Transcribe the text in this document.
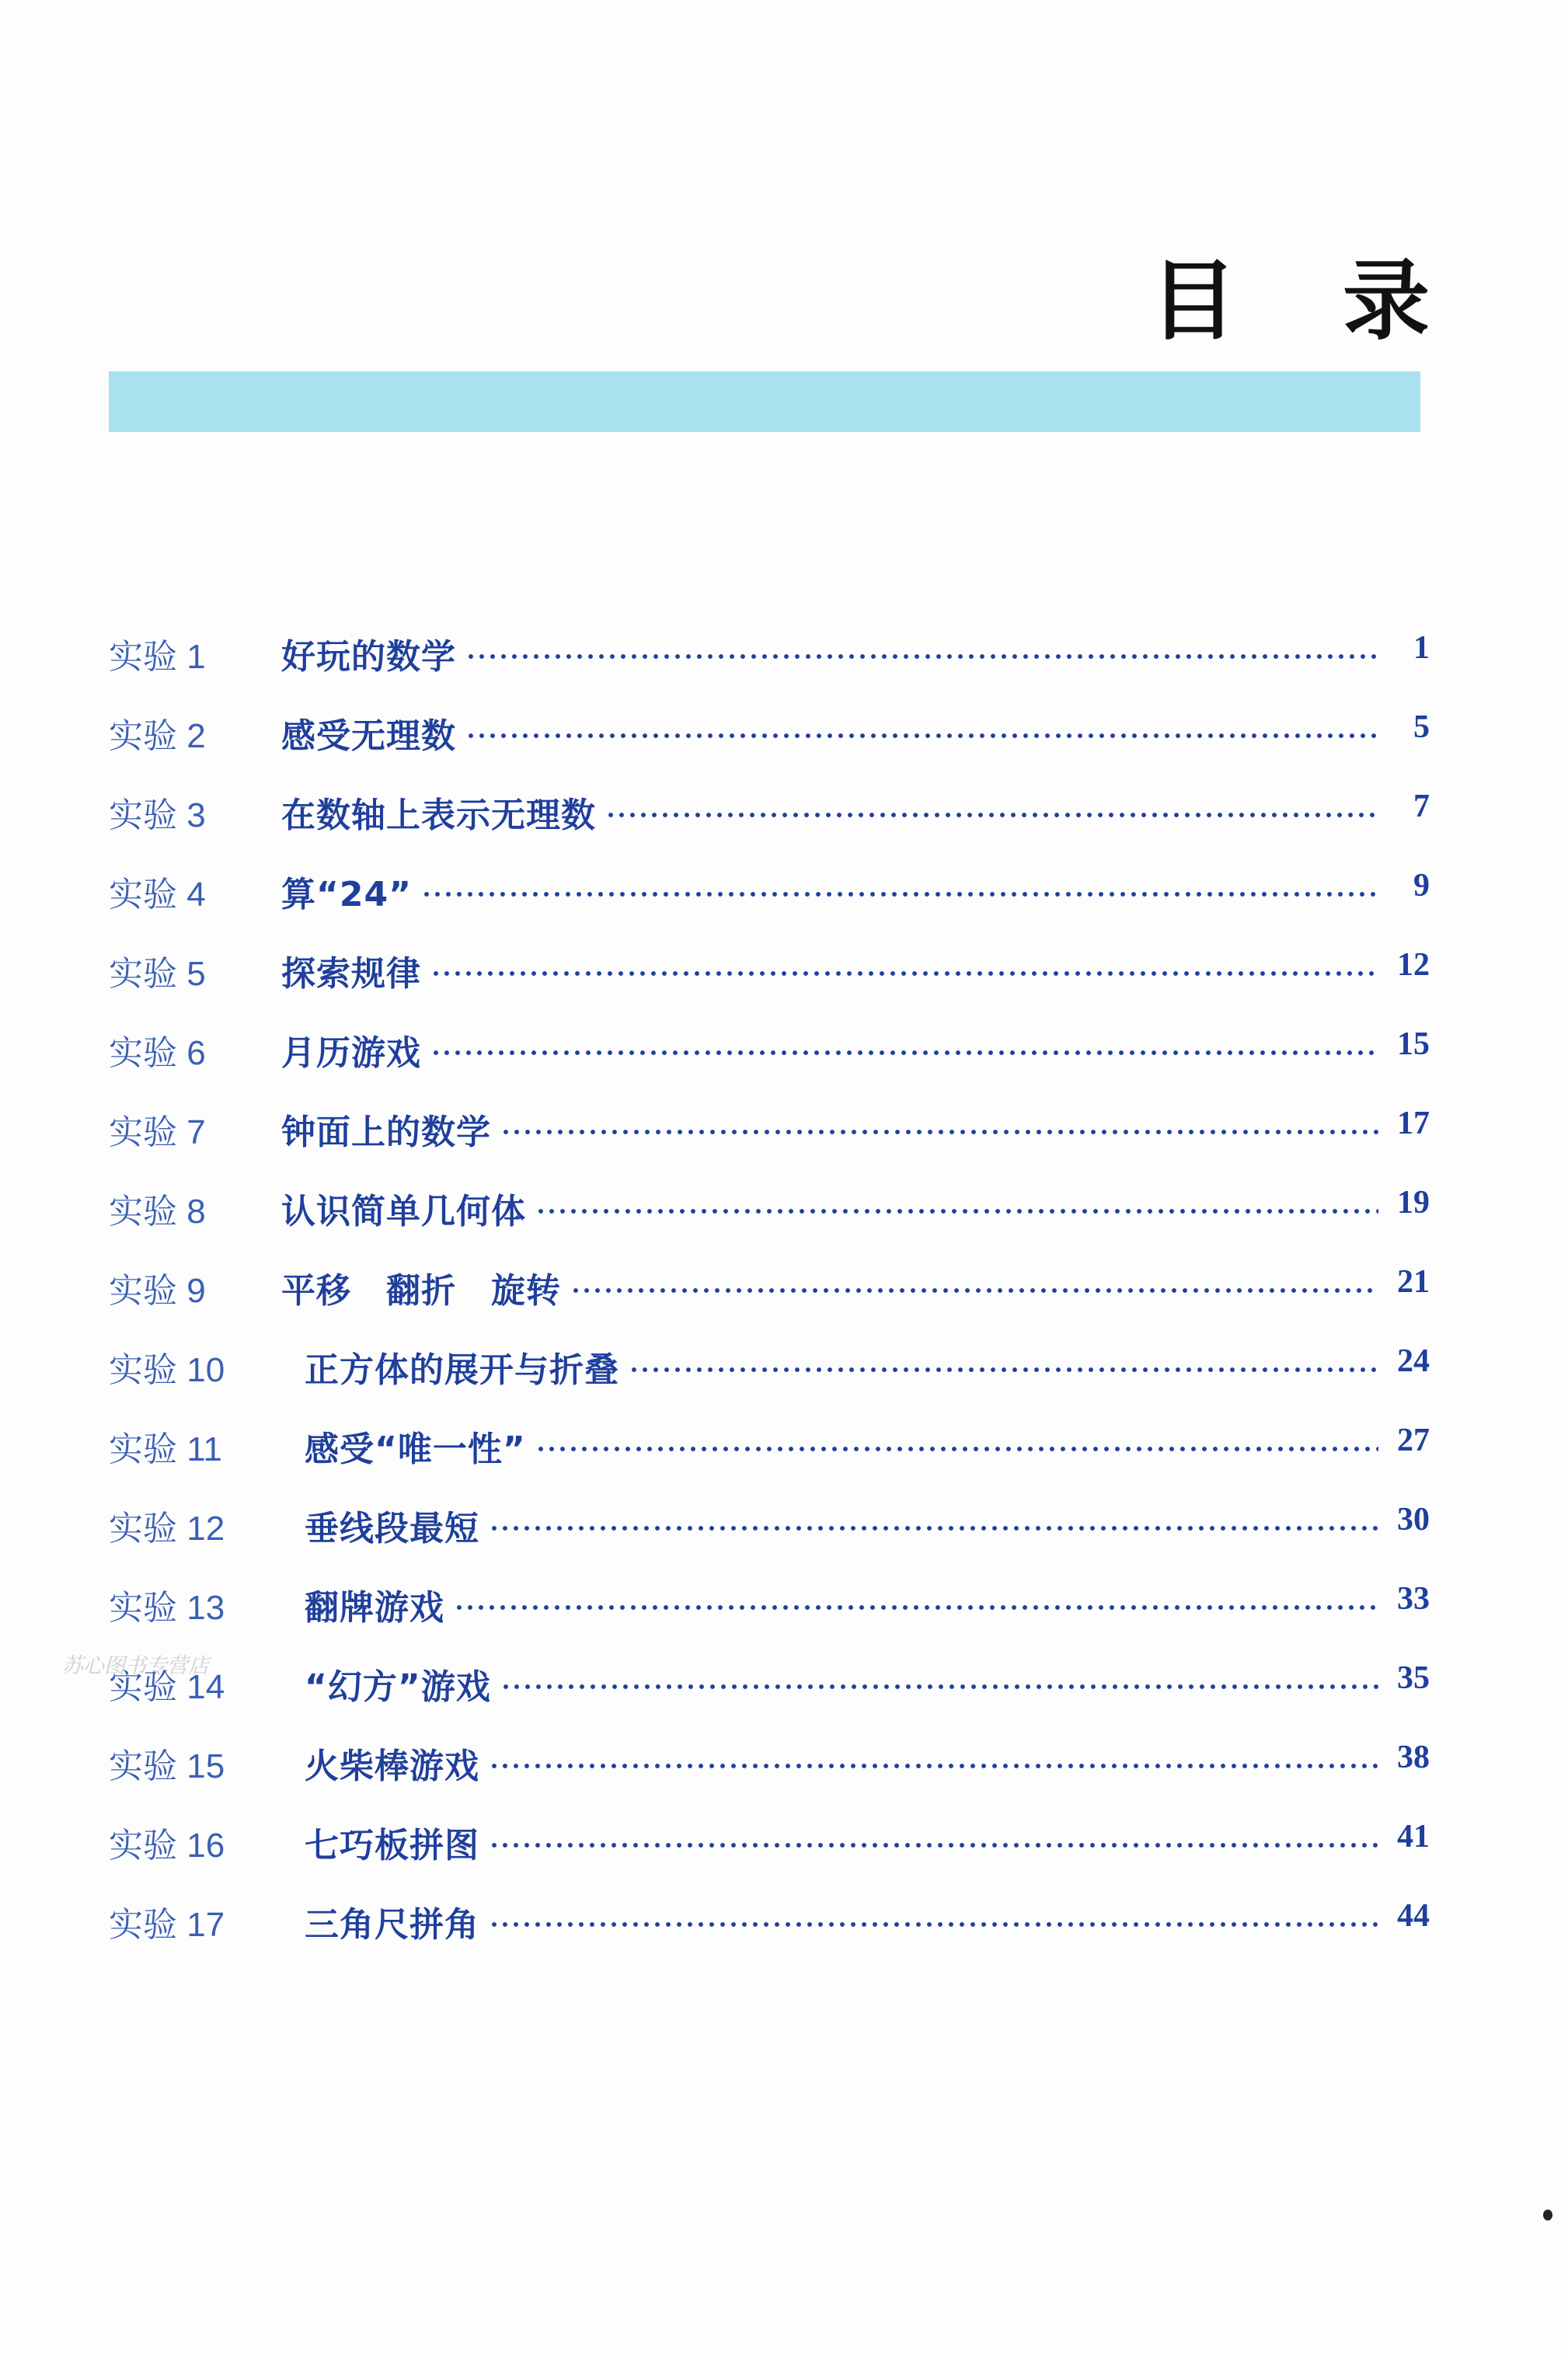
目 录
实验 1	好玩的数学	1
实验 2	感受无理数	5
实验 3	在数轴上表示无理数	7
实验 4	算“24”	9
实验 5	探索规律	12
实验 6	月历游戏	15
实验 7	钟面上的数学	17
实验 8	认识简单几何体	19
实验 9	平移　翻折　旋转	21
实验 10	正方体的展开与折叠	24
实验 11	感受“唯一性”	27
实验 12	垂线段最短	30
实验 13	翻牌游戏	33
实验 14	“幻方”游戏	35
实验 15	火柴棒游戏	38
实验 16	七巧板拼图	41
实验 17	三角尺拼角	44
苏心图书专营店
